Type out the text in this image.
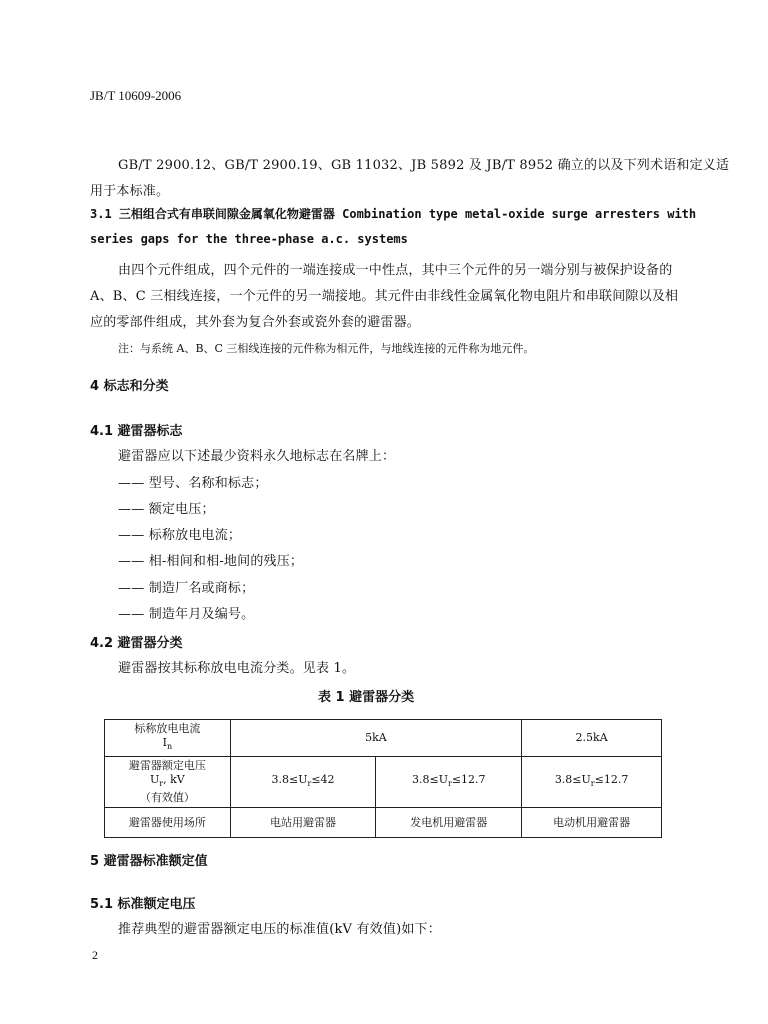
JB/T 10609-2006
GB/T 2900.12、GB/T 2900.19、GB 11032、JB 5892 及 JB/T 8952 确立的以及下列术语和定义适
用于本标准。
3.1 三相组合式有串联间隙金属氧化物避雷器 Combination type metal-oxide surge arresters with
series gaps for the three-phase a.c. systems
由四个元件组成，四个元件的一端连接成一中性点，其中三个元件的另一端分别与被保护设备的
A、B、C 三相线连接，一个元件的另一端接地。其元件由非线性金属氧化物电阻片和串联间隙以及相
应的零部件组成，其外套为复合外套或瓷外套的避雷器。
注：与系统 A、B、C 三相线连接的元件称为相元件，与地线连接的元件称为地元件。
4 标志和分类
4.1 避雷器标志
避雷器应以下述最少资料永久地标志在名牌上：
—— 型号、名称和标志；
—— 额定电压；
—— 标称放电电流；
—— 相-相间和相-地间的残压；
—— 制造厂名或商标；
—— 制造年月及编号。
4.2 避雷器分类
避雷器按其标称放电电流分类。见表 1。
表 1 避雷器分类
标称放电电流
$I_n$	5kA		2.5kA

避雷器额定电压
$U_r$, kV
（有效值）	$3.8\le U_r\le 42$	$3.8\le U_r\le 12.7$	$3.8\le U_r\le 12.7$
避雷器使用场所	电站用避雷器	发电机用避雷器	电动机用避雷器
5 避雷器标准额定值
5.1 标准额定电压
推荐典型的避雷器额定电压的标准值(kV 有效值)如下：
2
